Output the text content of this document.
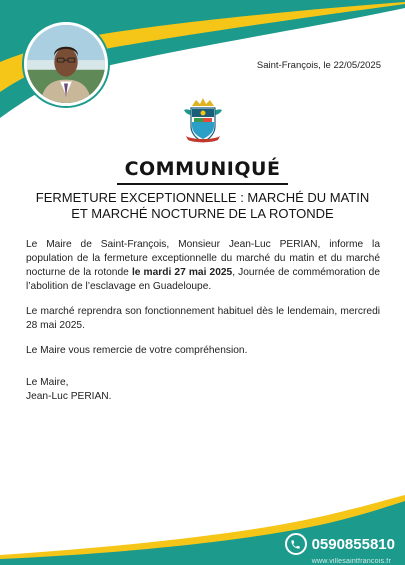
Saint-François, le 22/05/2025
COMMUNIQUÉ
FERMETURE EXCEPTIONNELLE : MARCHÉ DU MATIN
ET MARCHÉ NOCTURNE DE LA ROTONDE

Le Maire de Saint-François, Monsieur Jean-Luc PERIAN, informe la population de la fermeture exceptionnelle du marché du matin et du marché nocturne de la rotonde le mardi 27 mai 2025, Journée de commémoration de l’abolition de l’esclavage en Guadeloupe.

Le marché reprendra son fonctionnement habituel dès le lendemain, mercredi 28 mai 2025.

Le Maire vous remercie de votre compréhension.

Le Maire,
Jean-Luc PERIAN.
0590855810
www.villesaintfrancois.fr
